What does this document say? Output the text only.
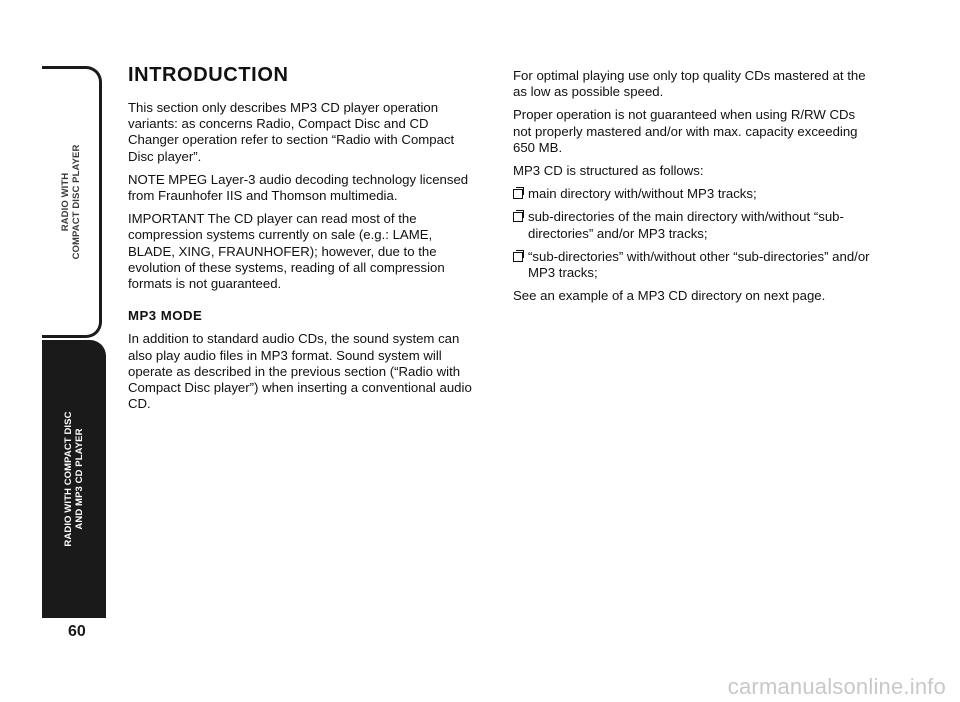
RADIO WITH COMPACT DISC PLAYER
RADIO WITH COMPACT DISC AND MP3 CD PLAYER
60
INTRODUCTION

This section only describes MP3 CD player operation variants: as concerns Radio, Compact Disc and CD Changer operation refer to section “Radio with Compact Disc player”.

NOTE MPEG Layer-3 audio decoding technology licensed from Fraunhofer IIS and Thomson multimedia.

IMPORTANT The CD player can read most of the compression systems currently on sale (e.g.: LAME, BLADE, XING, FRAUNHOFER); however, due to the evolution of these systems, reading of all compression formats is not guaranteed.

MP3 MODE

In addition to standard audio CDs, the sound system can also play audio files in MP3 format. Sound system will operate as described in the previous section (“Radio with Compact Disc player”) when inserting a conventional audio CD.

For optimal playing use only top quality CDs mastered at the as low as possible speed.

Proper operation is not guaranteed when using R/RW CDs not properly mastered and/or with max. capacity exceeding 650 MB.

MP3 CD is structured as follows:

main directory with/without MP3 tracks;
sub-directories of the main directory with/without “sub-directories” and/or MP3 tracks;
“sub-directories” with/without other “sub-directories” and/or MP3 tracks;

See an example of a MP3 CD directory on next page.

carmanualsonline.info
